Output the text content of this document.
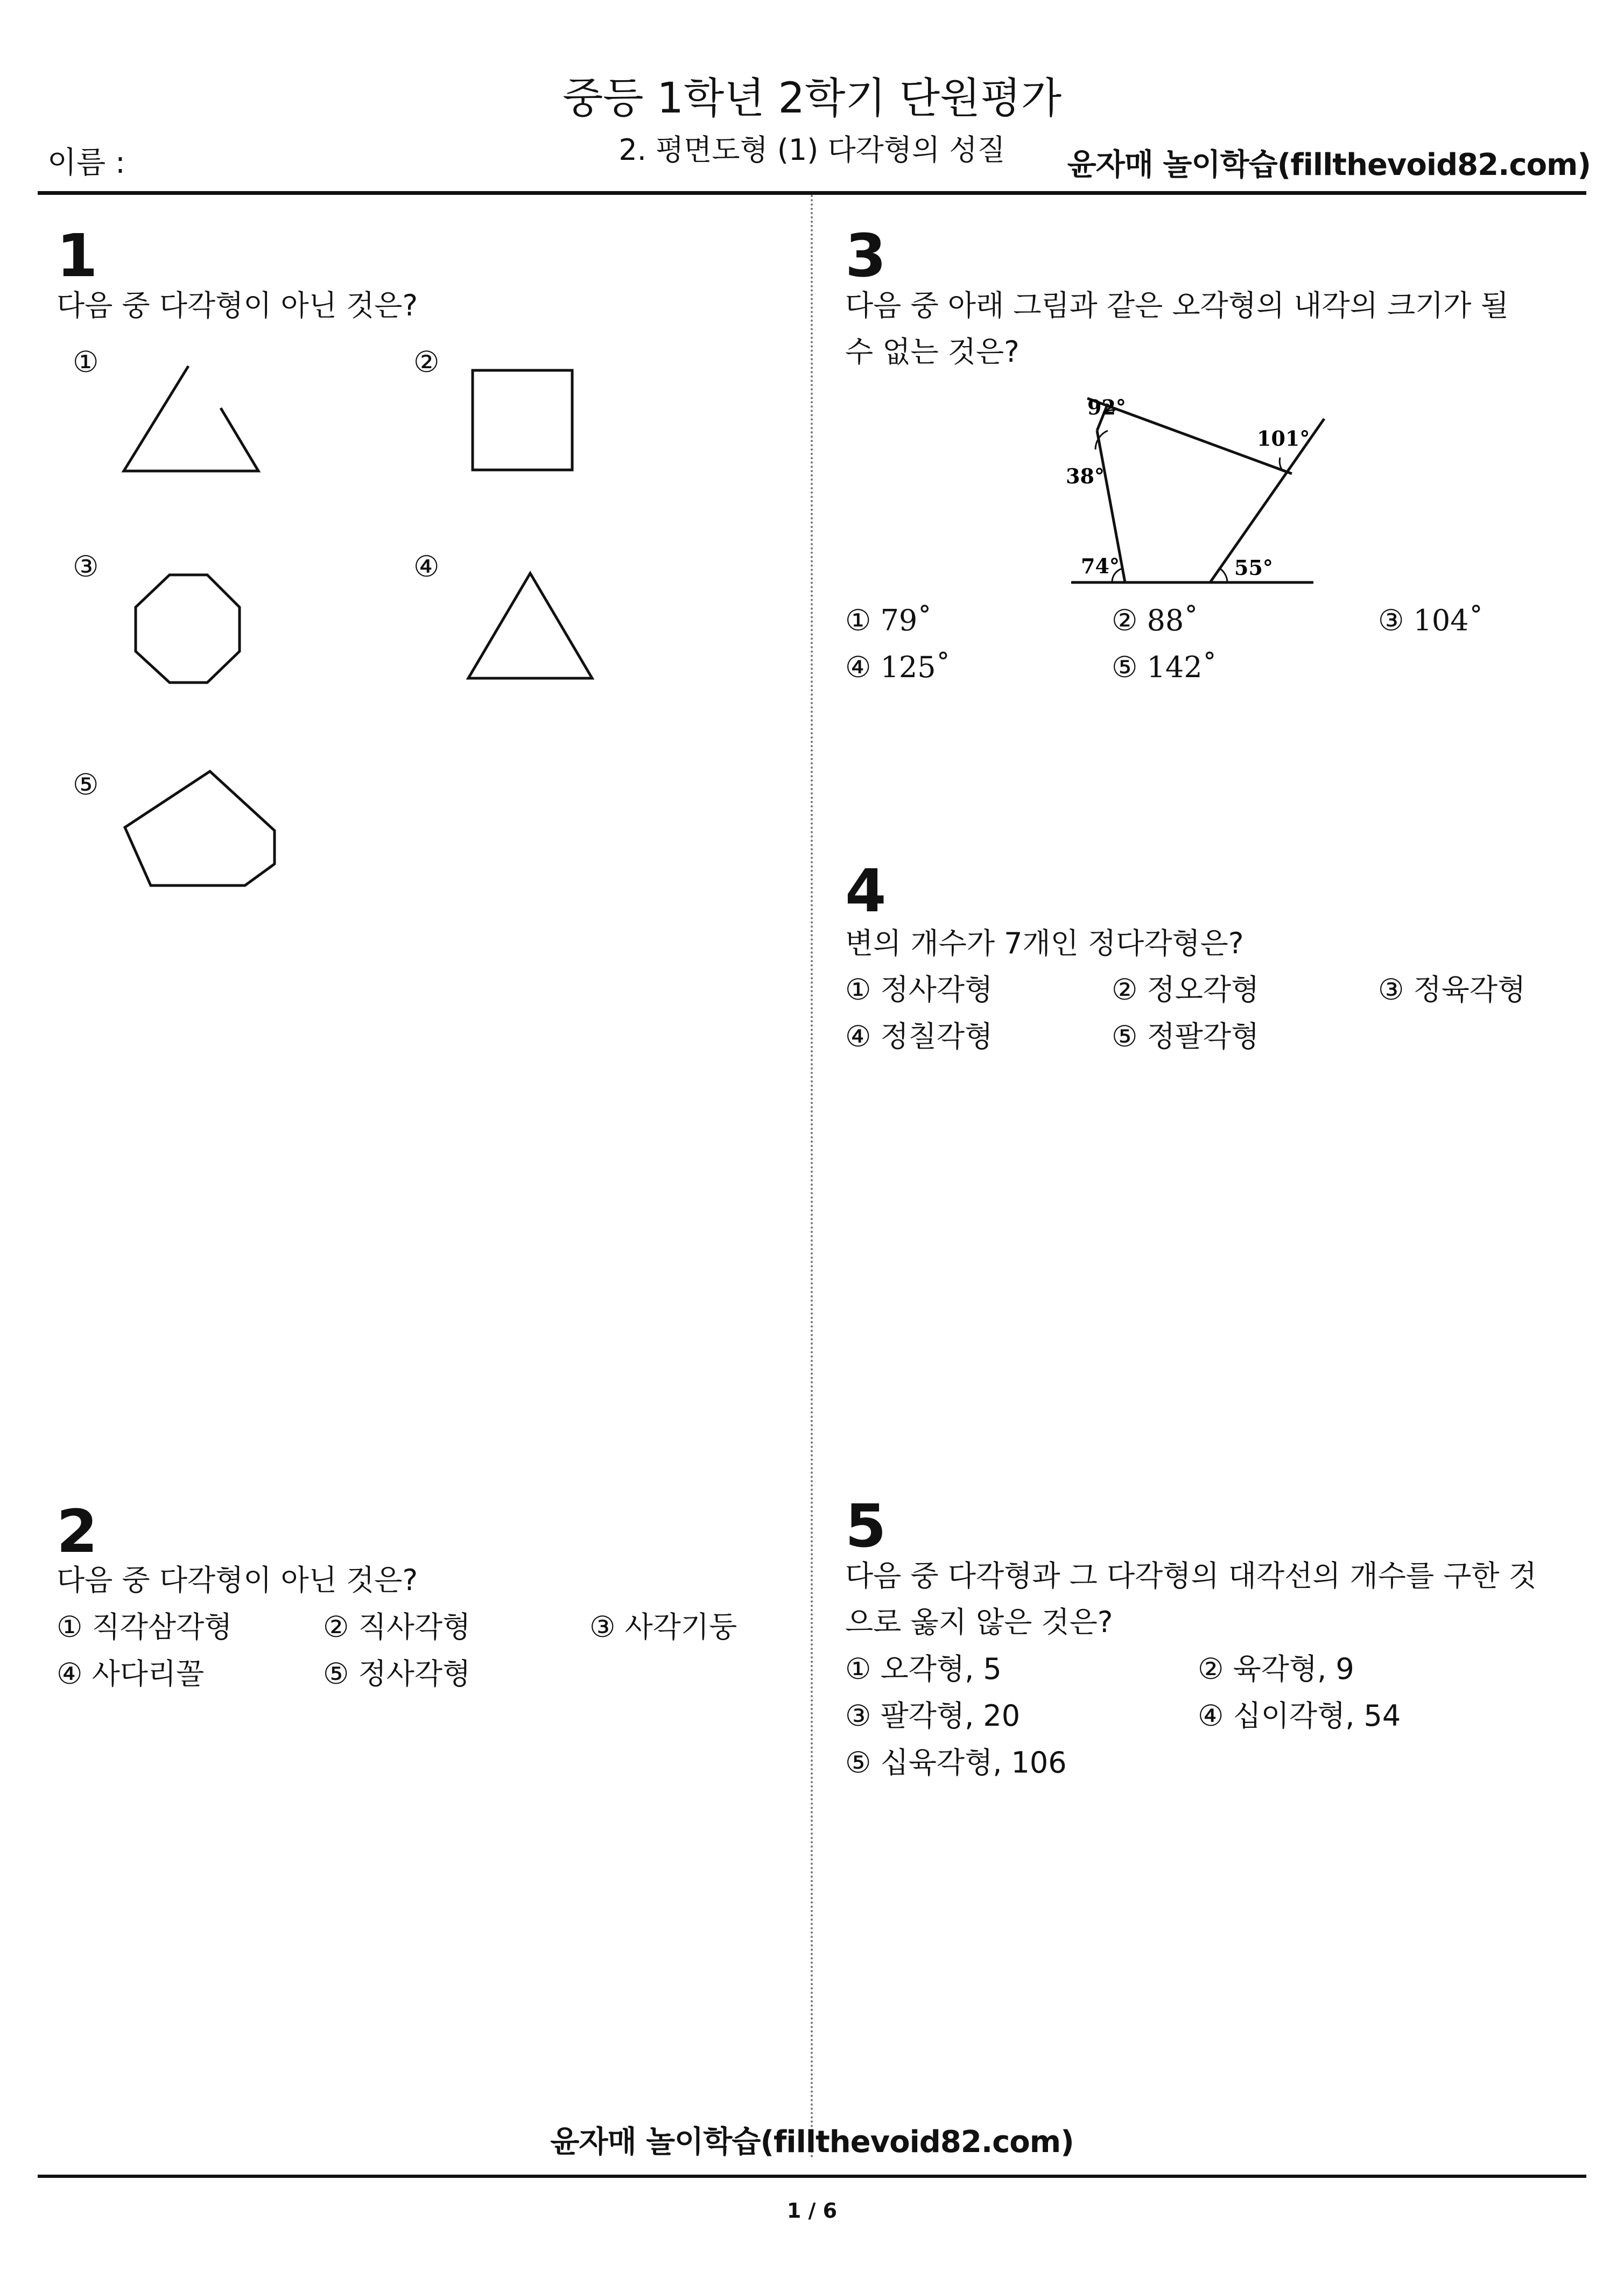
중등 1학년 2학기 단원평가
이름 :	2. 평면도형 (1) 다각형의 성질	윤자매 놀이학습(fillthevoid82.com)
1
다음 중 다각형이 아닌 것은?
①	②
③	④
⑤
2
다음 중 다각형이 아닌 것은?
① 직각삼각형	② 직사각형	③ 사각기둥
④ 사다리꼴	⑤ 정사각형
3
다음 중 아래 그림과 같은 오각형의 내각의 크기가 될
수 없는 것은?
92°
38°
101°
74°	55°
① 79˚	② 88˚	③ 104˚
④ 125˚	⑤ 142˚
4
변의 개수가 7개인 정다각형은?
① 정사각형	② 정오각형	③ 정육각형
④ 정칠각형	⑤ 정팔각형
5
다음 중 다각형과 그 다각형의 대각선의 개수를 구한 것
으로 옳지 않은 것은?
① 오각형, 5	② 육각형, 9
③ 팔각형, 20	④ 십이각형, 54
⑤ 십육각형, 106
윤자매 놀이학습(fillthevoid82.com)
1 / 6
